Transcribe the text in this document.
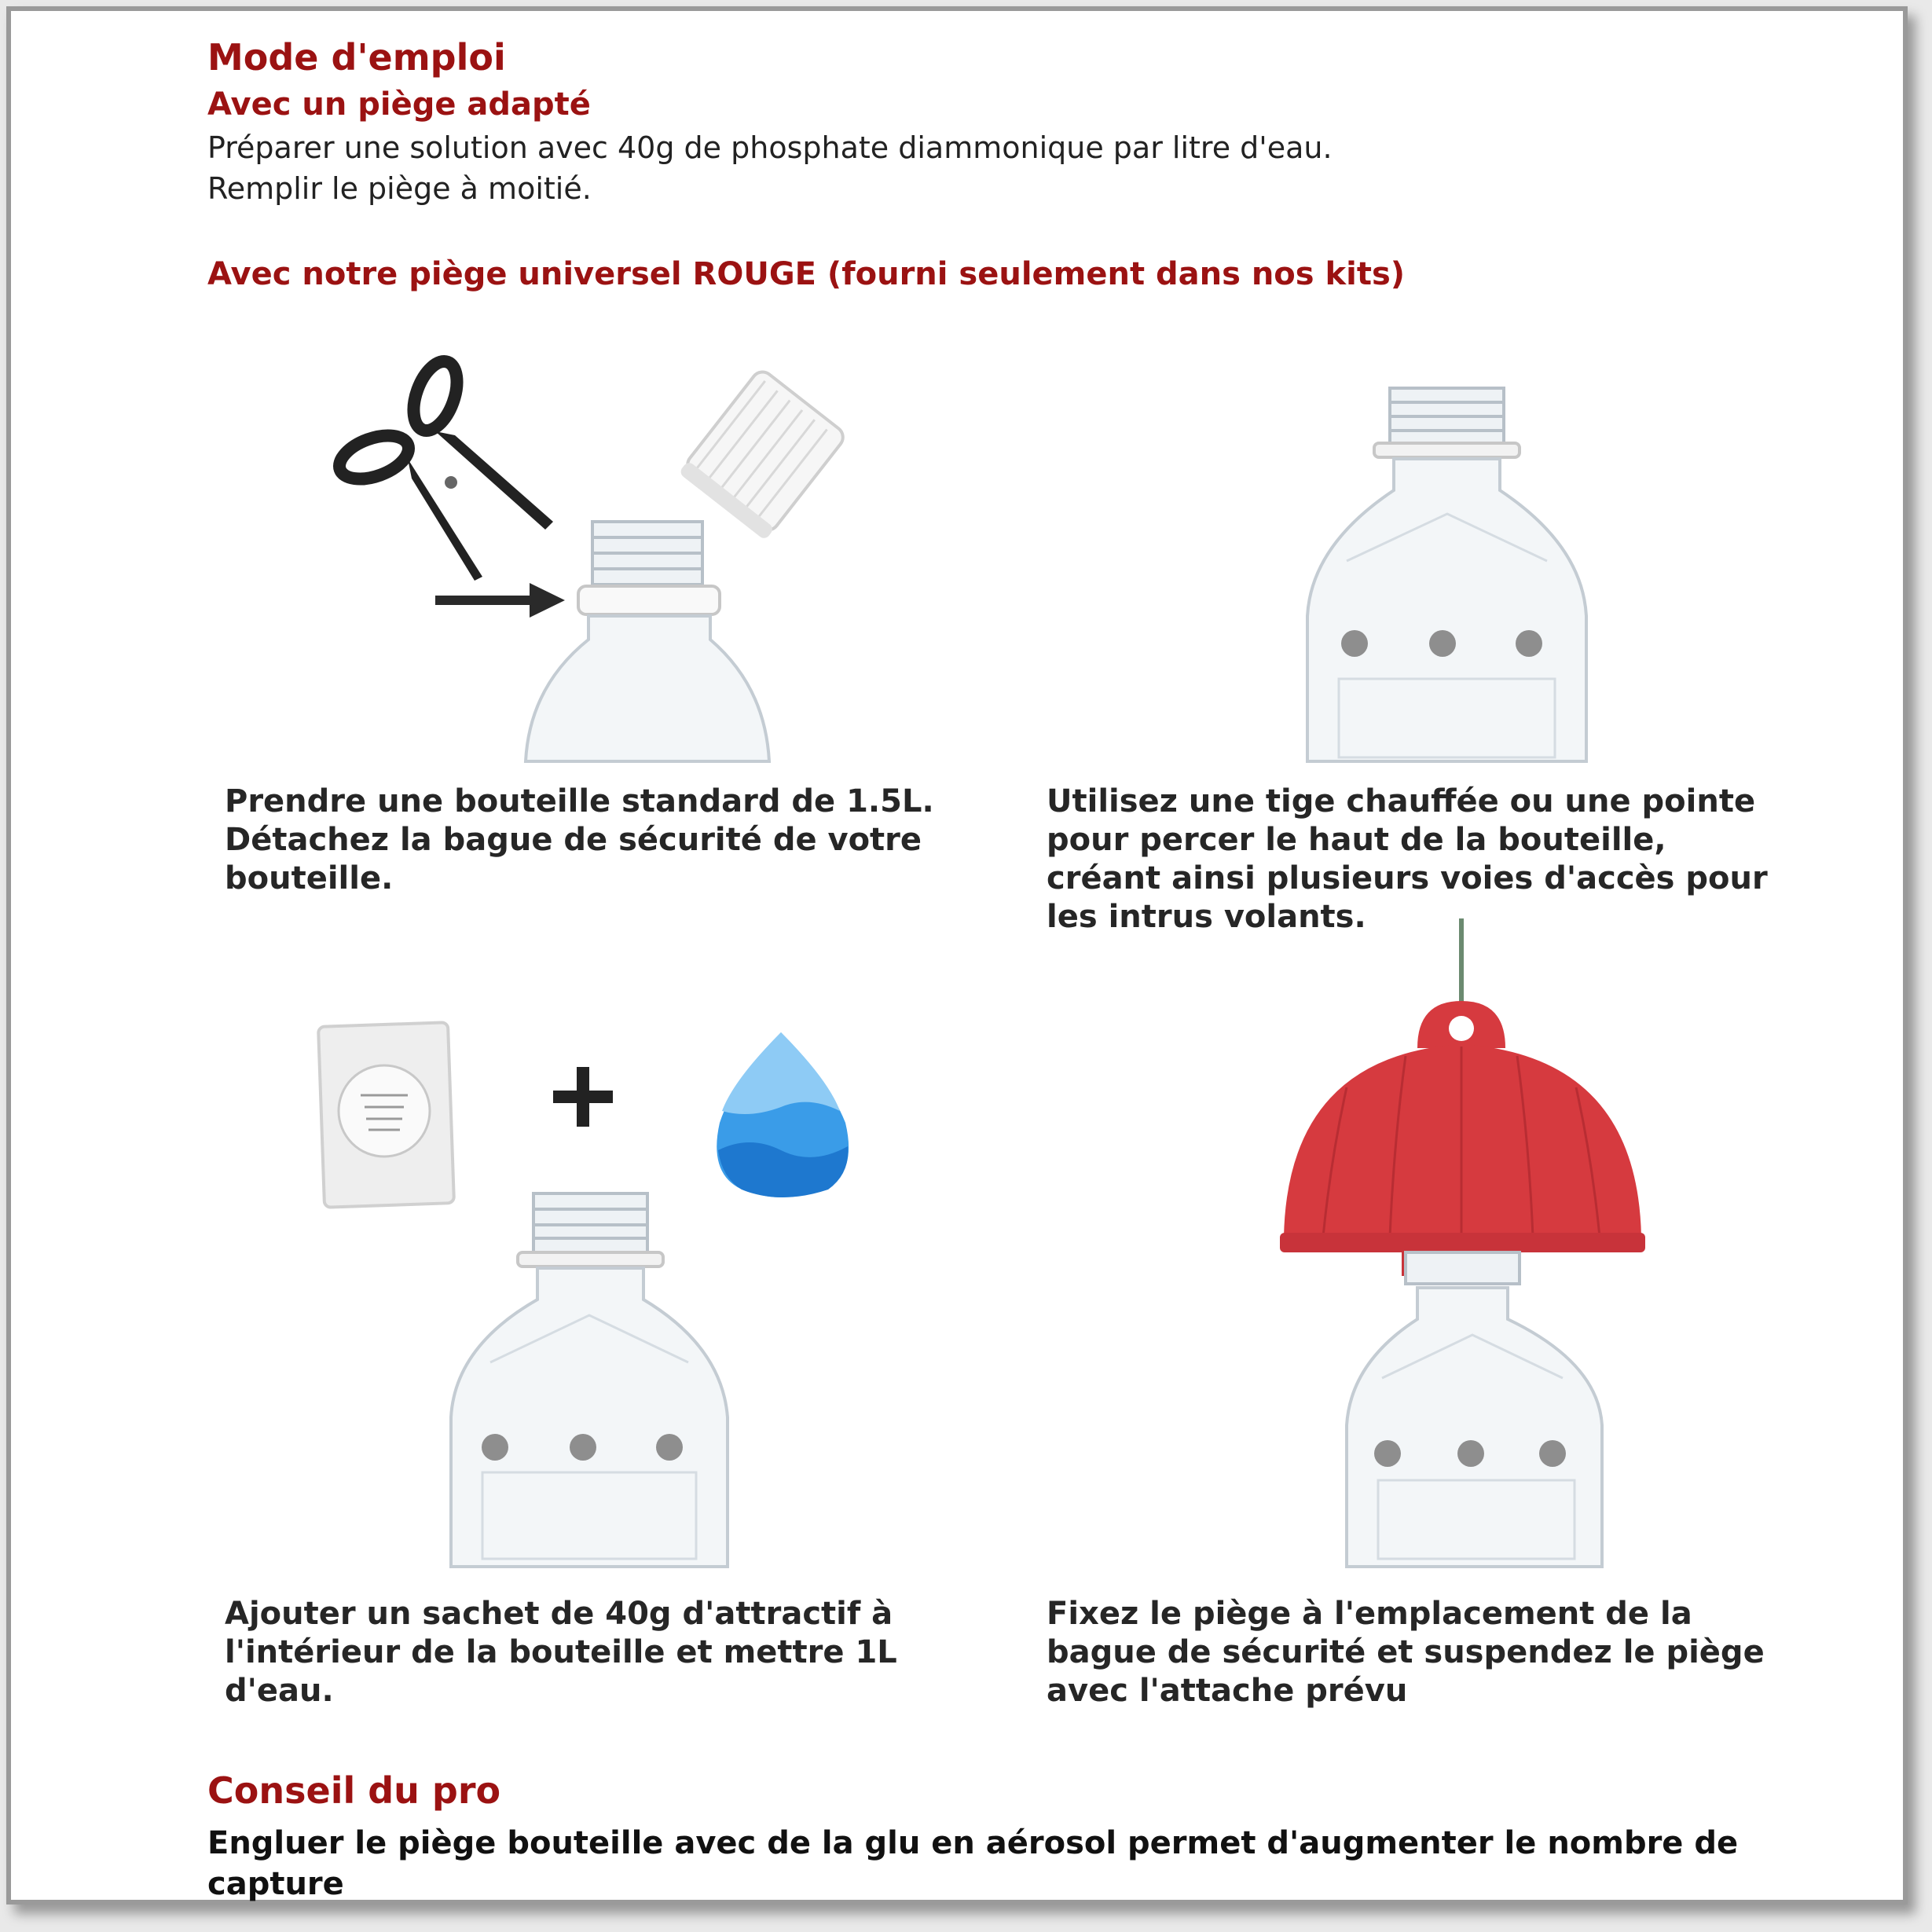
Mode d'emploi
Avec un piège adapté
Préparer une solution avec 40g de phosphate diammonique par litre d'eau.
Remplir le piège à moitié.
Avec notre piège universel ROUGE (fourni seulement dans nos kits)
Prendre une bouteille standard de 1.5L.
Détachez la bague de sécurité de votre
bouteille.
Utilisez une tige chauffée ou une pointe
pour percer le haut de la bouteille,
créant ainsi plusieurs voies d'accès pour
les intrus volants.
Ajouter un sachet de 40g d'attractif à
l'intérieur de la bouteille et mettre 1L
d'eau.
Fixez le piège à l'emplacement de la
bague de sécurité et suspendez le piège
avec l'attache prévu
Conseil du pro
Engluer le piège bouteille avec de la glu en aérosol permet d'augmenter le nombre de capture
